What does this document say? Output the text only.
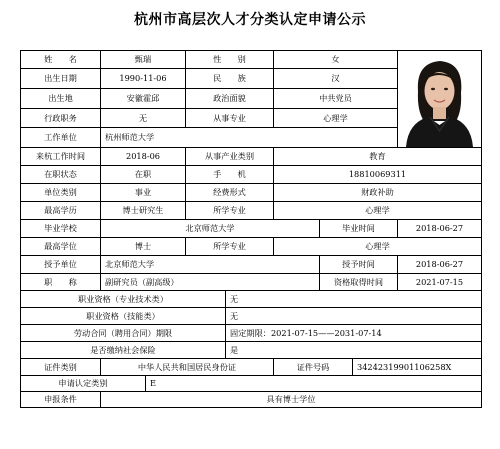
杭州市高层次人才分类认定申请公示
姓　　名	甄瑞	性　　别	女
出生日期	1990-11-06	民　　族	汉
出生地	安徽霍邱	政治面貌	中共党员
行政职务	无	从事专业	心理学
工作单位	杭州师范大学
来杭工作时间	2018-06	从事产业类别	教育
在职状态	在职	手　　机	18810069311
单位类别	事业	经费形式	财政补助
最高学历	博士研究生	所学专业	心理学
毕业学校	北京师范大学	毕业时间	2018-06-27
最高学位	博士	所学专业	心理学
授予单位	北京师范大学	授予时间	2018-06-27
职　　称	副研究员（副高级）	资格取得时间	2021-07-15
职业资格（专业技术类）	无
职业资格（技能类）	无
劳动合同（聘用合同）期限	固定期限：2021-07-15——2031-07-14
是否缴纳社会保险	是
证件类别	中华人民共和国居民身份证	证件号码	34242319901106258X
申请认定类别	E
申报条件	具有博士学位
